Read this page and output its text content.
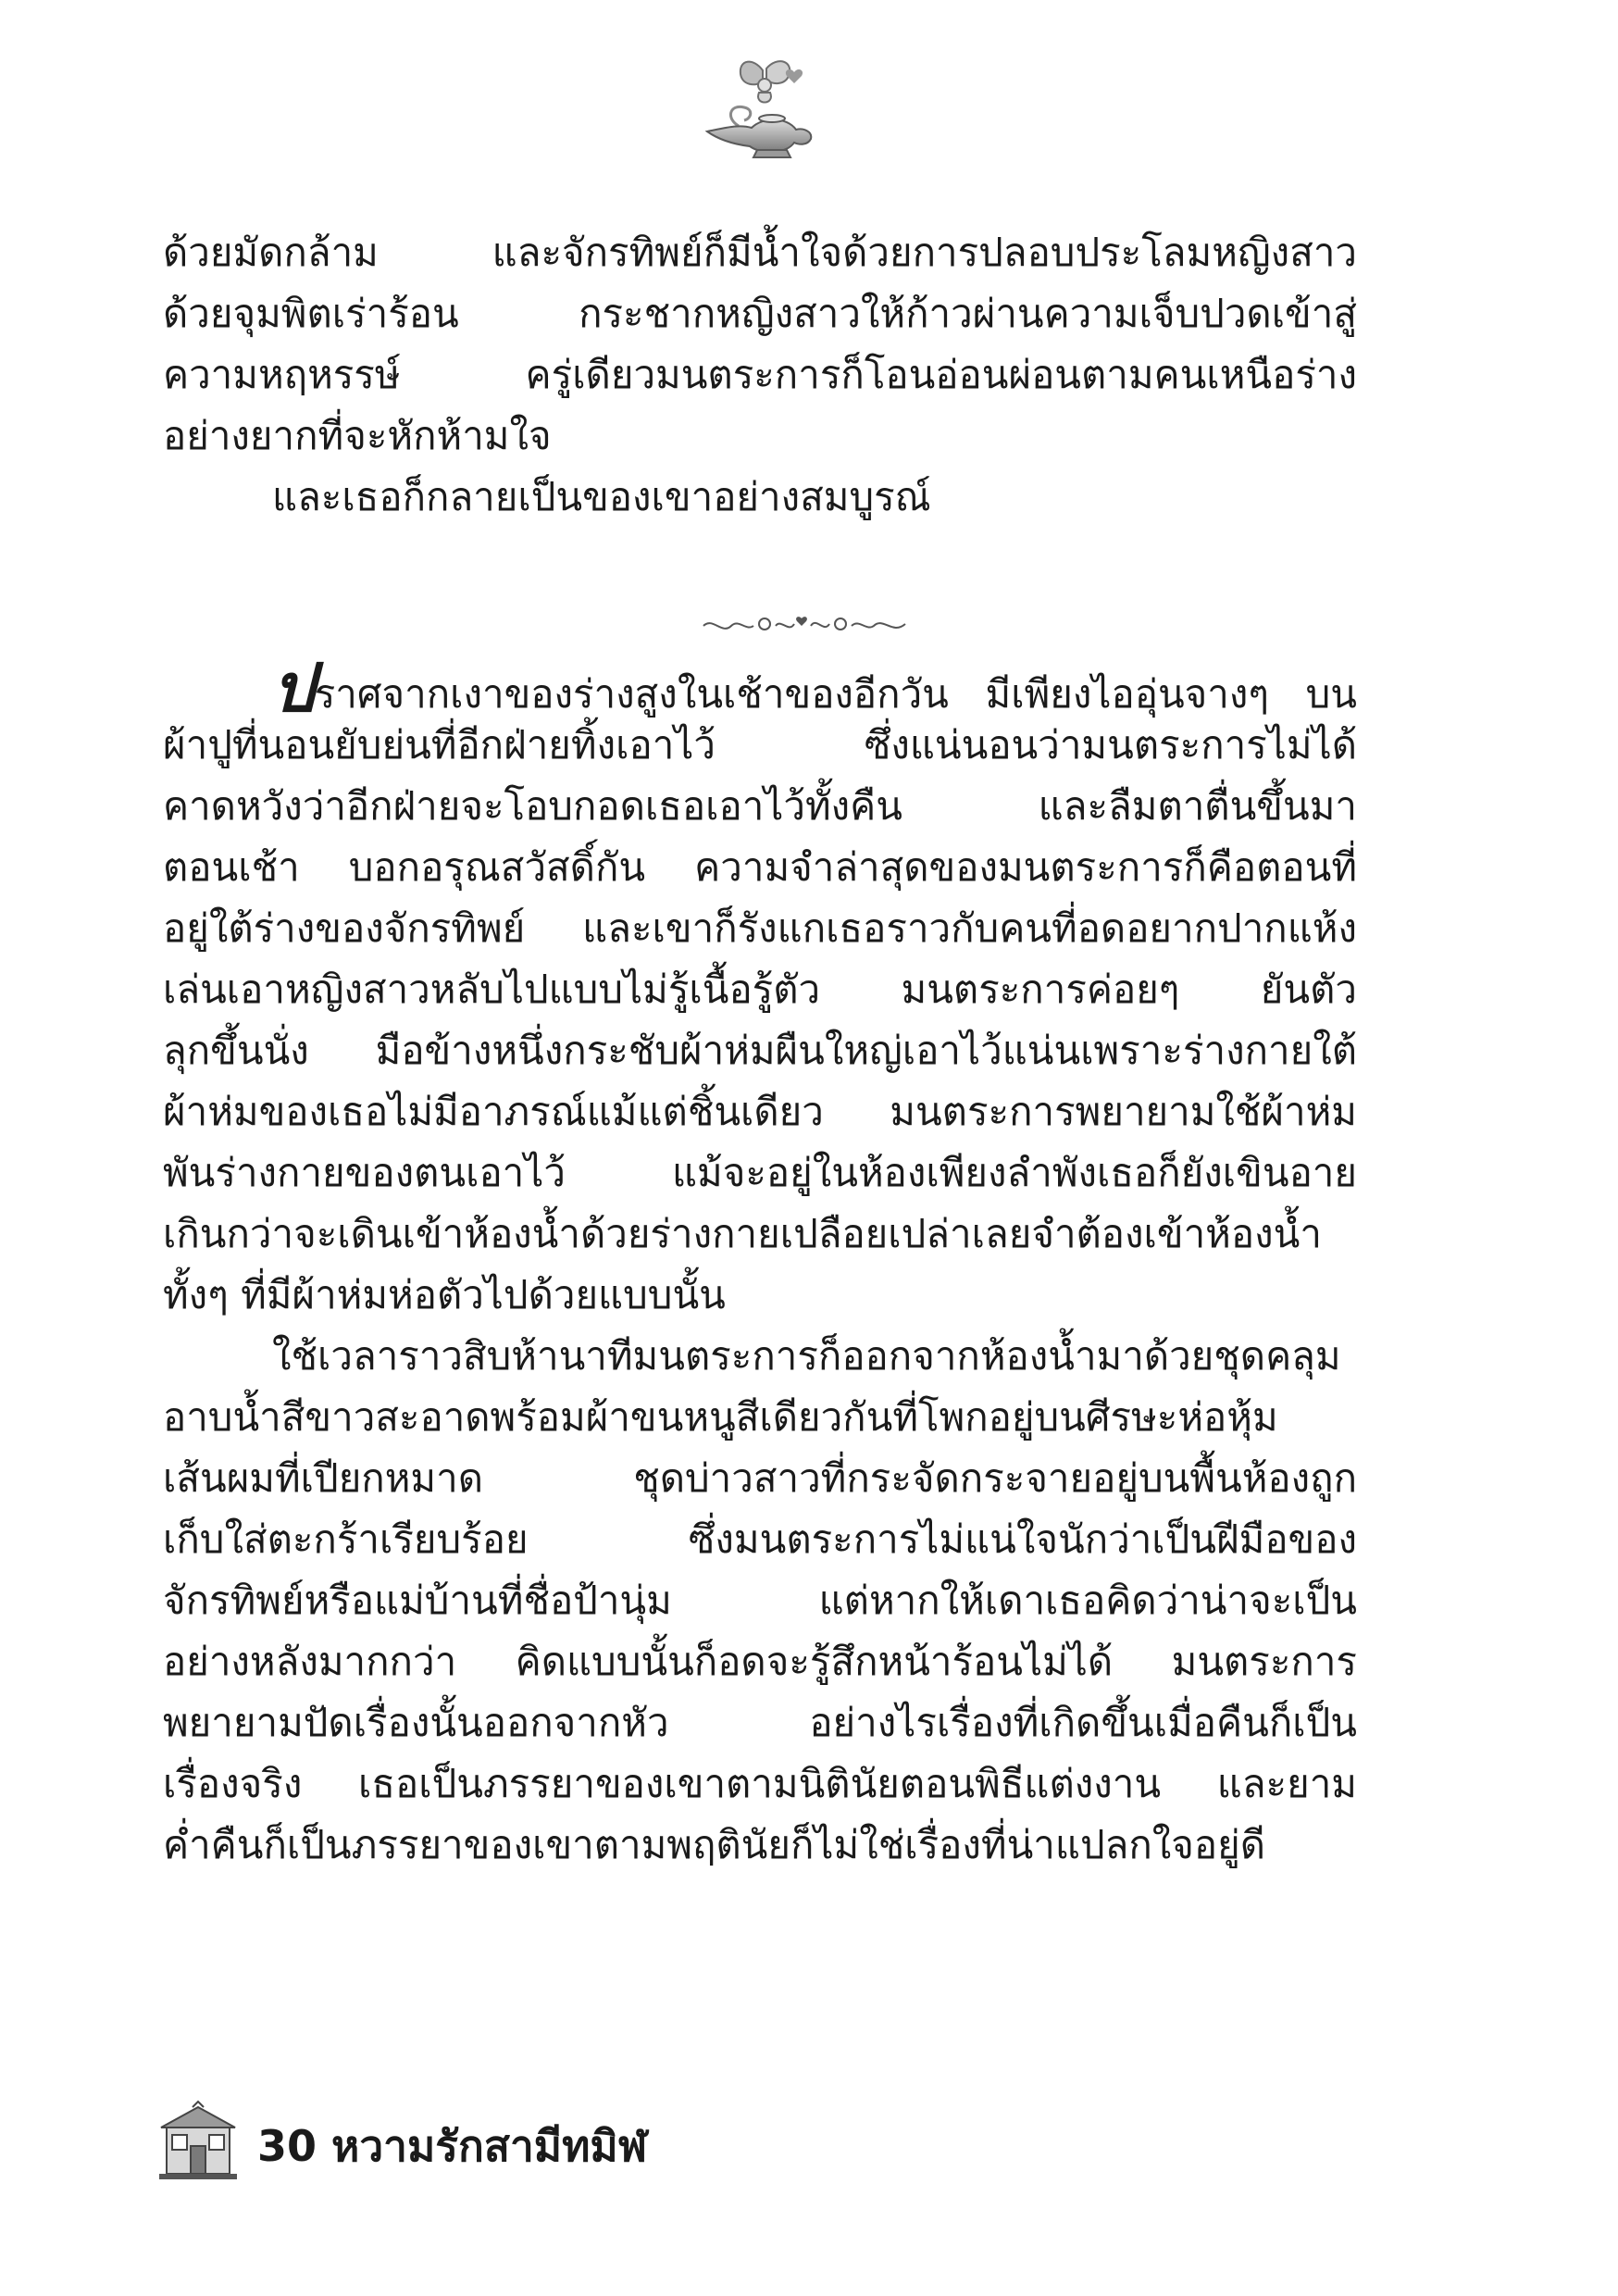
ด้วยมัดกล้าม และจักรทิพย์ก็มีน้ำใจด้วยการปลอบประโลมหญิงสาว
ด้วยจุมพิตเร่าร้อน กระชากหญิงสาวให้ก้าวผ่านความเจ็บปวดเข้าสู่
ความหฤหรรษ์ ครู่เดียวมนตระการก็โอนอ่อนผ่อนตามคนเหนือร่าง
อย่างยากที่จะหักห้ามใจ
และเธอก็กลายเป็นของเขาอย่างสมบูรณ์
ปราศจากเงาของร่างสูงในเช้าของอีกวัน มีเพียงไออุ่นจางๆ บน
ผ้าปูที่นอนยับย่นที่อีกฝ่ายทิ้งเอาไว้ ซึ่งแน่นอนว่ามนตระการไม่ได้
คาดหวังว่าอีกฝ่ายจะโอบกอดเธอเอาไว้ทั้งคืน และลืมตาตื่นขึ้นมา
ตอนเช้า บอกอรุณสวัสดิ์กัน ความจำล่าสุดของมนตระการก็คือตอนที่
อยู่ใต้ร่างของจักรทิพย์ และเขาก็รังแกเธอราวกับคนที่อดอยากปากแห้ง
เล่นเอาหญิงสาวหลับไปแบบไม่รู้เนื้อรู้ตัว มนตระการค่อยๆ ยันตัว
ลุกขึ้นนั่ง มือข้างหนึ่งกระชับผ้าห่มผืนใหญ่เอาไว้แน่นเพราะร่างกายใต้
ผ้าห่มของเธอไม่มีอาภรณ์แม้แต่ชิ้นเดียว มนตระการพยายามใช้ผ้าห่ม
พันร่างกายของตนเอาไว้ แม้จะอยู่ในห้องเพียงลำพังเธอก็ยังเขินอาย
เกินกว่าจะเดินเข้าห้องน้ำด้วยร่างกายเปลือยเปล่าเลยจำต้องเข้าห้องน้ำ
ทั้งๆ ที่มีผ้าห่มห่อตัวไปด้วยแบบนั้น
ใช้เวลาราวสิบห้านาทีมนตระการก็ออกจากห้องน้ำมาด้วยชุดคลุม
อาบน้ำสีขาวสะอาดพร้อมผ้าขนหนูสีเดียวกันที่โพกอยู่บนศีรษะห่อหุ้ม
เส้นผมที่เปียกหมาด ชุดบ่าวสาวที่กระจัดกระจายอยู่บนพื้นห้องถูก
เก็บใส่ตะกร้าเรียบร้อย ซึ่งมนตระการไม่แน่ใจนักว่าเป็นฝีมือของ
จักรทิพย์หรือแม่บ้านที่ชื่อป้านุ่ม แต่หากให้เดาเธอคิดว่าน่าจะเป็น
อย่างหลังมากกว่า คิดแบบนั้นก็อดจะรู้สึกหน้าร้อนไม่ได้ มนตระการ
พยายามปัดเรื่องนั้นออกจากหัว อย่างไรเรื่องที่เกิดขึ้นเมื่อคืนก็เป็น
เรื่องจริง เธอเป็นภรรยาของเขาตามนิตินัยตอนพิธีแต่งงาน และยาม
ค่ำคืนก็เป็นภรรยาของเขาตามพฤตินัยก็ไม่ใช่เรื่องที่น่าแปลกใจอยู่ดี
30 หวามรักสามีทมิฬ
